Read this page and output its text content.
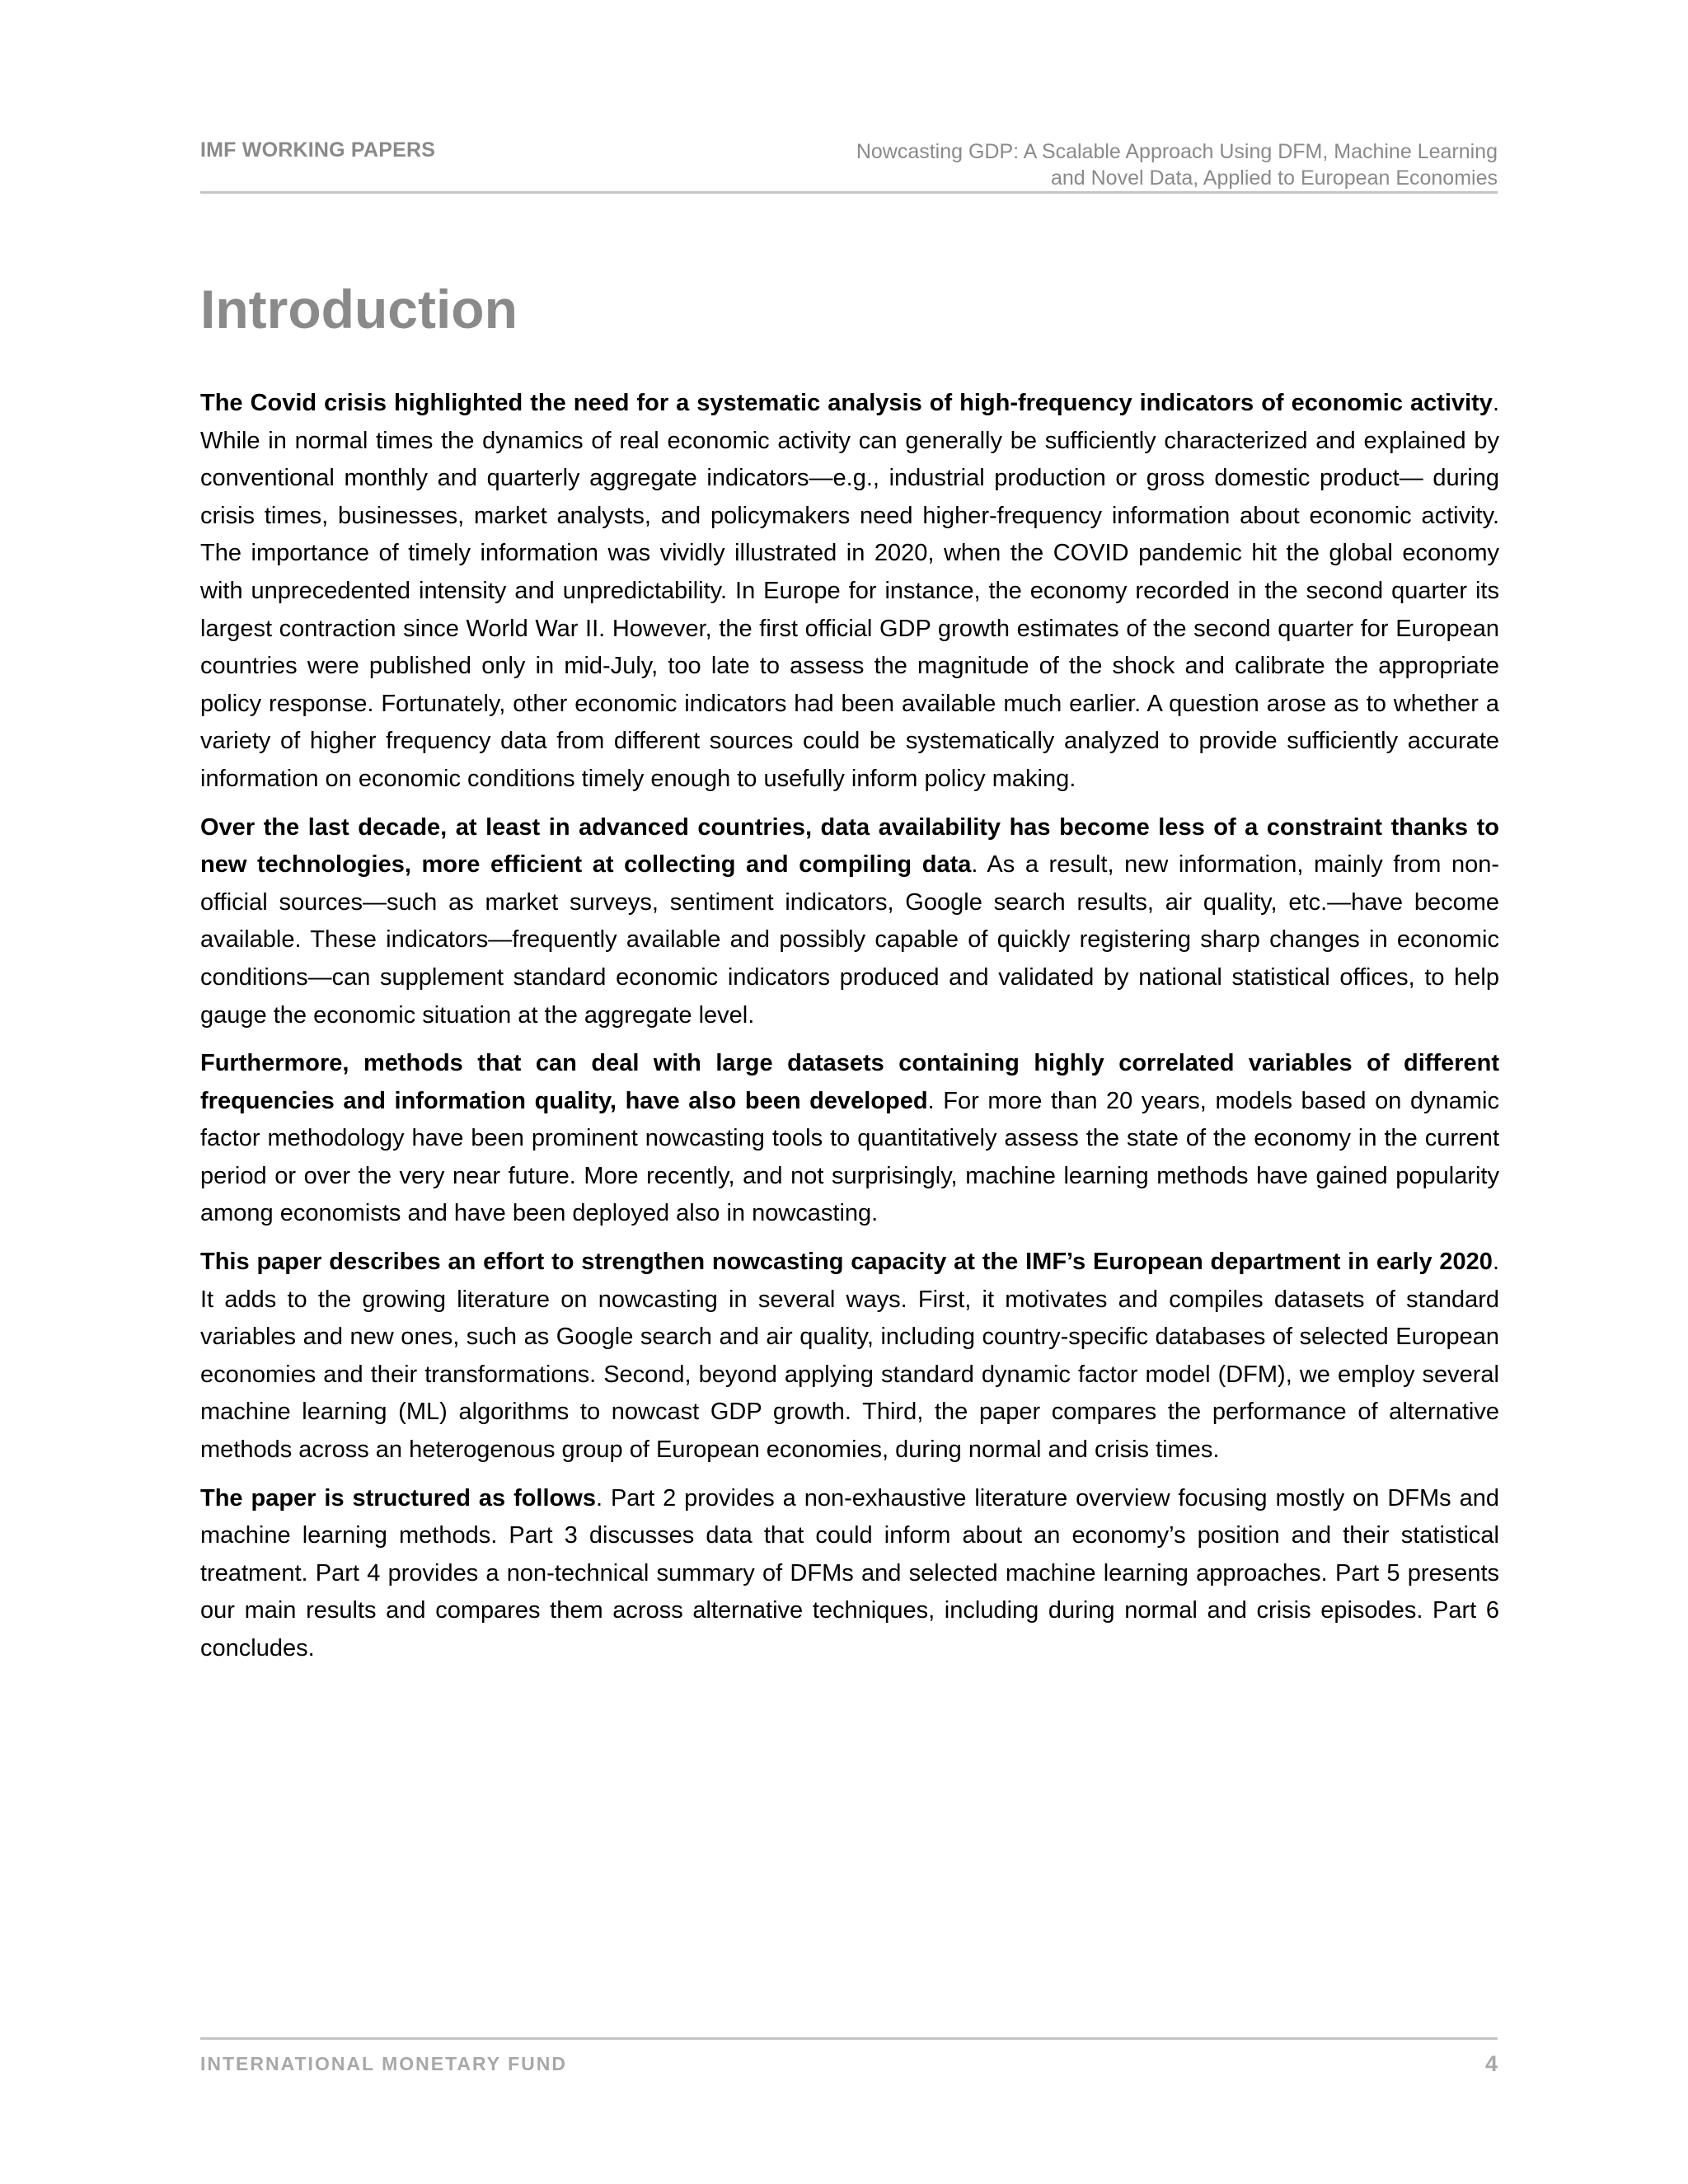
IMF WORKING PAPERS	Nowcasting GDP: A Scalable Approach Using DFM, Machine Learning
and Novel Data, Applied to European Economies
Introduction

The Covid crisis highlighted the need for a systematic analysis of high-frequency indicators of economic activity. While in normal times the dynamics of real economic activity can generally be sufficiently characterized and explained by conventional monthly and quarterly aggregate indicators—e.g., industrial production or gross domestic product— during crisis times, businesses, market analysts, and policymakers need higher-frequency information about economic activity. The importance of timely information was vividly illustrated in 2020, when the COVID pandemic hit the global economy with unprecedented intensity and unpredictability. In Europe for instance, the economy recorded in the second quarter its largest contraction since World War II. However, the first official GDP growth estimates of the second quarter for European countries were published only in mid-July, too late to assess the magnitude of the shock and calibrate the appropriate policy response. Fortunately, other economic indicators had been available much earlier. A question arose as to whether a variety of higher frequency data from different sources could be systematically analyzed to provide sufficiently accurate information on economic conditions timely enough to usefully inform policy making.

Over the last decade, at least in advanced countries, data availability has become less of a constraint thanks to new technologies, more efficient at collecting and compiling data. As a result, new information, mainly from non-official sources—such as market surveys, sentiment indicators, Google search results, air quality, etc.—have become available. These indicators—frequently available and possibly capable of quickly registering sharp changes in economic conditions—can supplement standard economic indicators produced and validated by national statistical offices, to help gauge the economic situation at the aggregate level.

Furthermore, methods that can deal with large datasets containing highly correlated variables of different frequencies and information quality, have also been developed. For more than 20 years, models based on dynamic factor methodology have been prominent nowcasting tools to quantitatively assess the state of the economy in the current period or over the very near future. More recently, and not surprisingly, machine learning methods have gained popularity among economists and have been deployed also in nowcasting.

This paper describes an effort to strengthen nowcasting capacity at the IMF’s European department in early 2020. It adds to the growing literature on nowcasting in several ways. First, it motivates and compiles datasets of standard variables and new ones, such as Google search and air quality, including country-specific databases of selected European economies and their transformations. Second, beyond applying standard dynamic factor model (DFM), we employ several machine learning (ML) algorithms to nowcast GDP growth. Third, the paper compares the performance of alternative methods across an heterogenous group of European economies, during normal and crisis times.

The paper is structured as follows. Part 2 provides a non-exhaustive literature overview focusing mostly on DFMs and machine learning methods. Part 3 discusses data that could inform about an economy’s position and their statistical treatment. Part 4 provides a non-technical summary of DFMs and selected machine learning approaches. Part 5 presents our main results and compares them across alternative techniques, including during normal and crisis episodes. Part 6 concludes.

INTERNATIONAL MONETARY FUND	4
